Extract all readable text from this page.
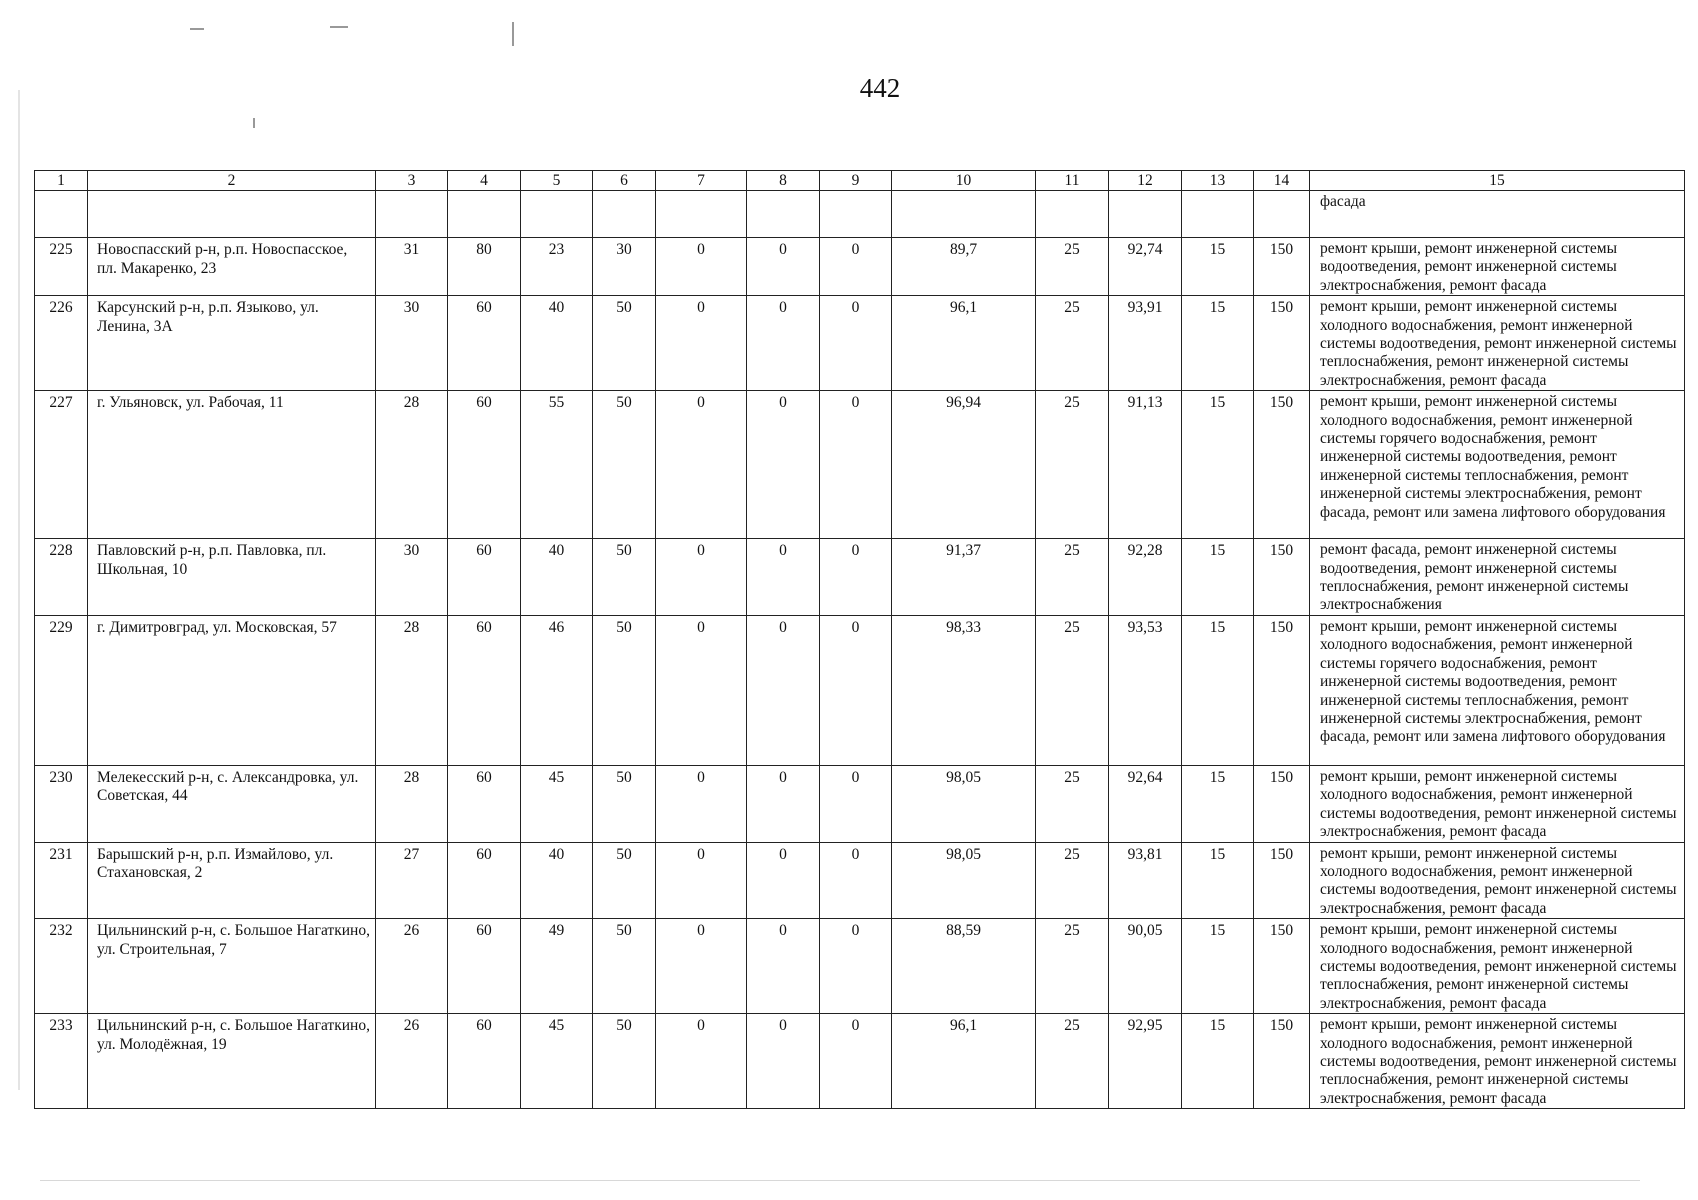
442
1	2	3	4	5	6	7	8	9	10	11	12	13	14	15
														фасада
225	Новоспасский р-н, р.п. Новоспасское, пл. Макаренко, 23	31	80	23	30	0	0	0	89,7	25	92,74	15	150	ремонт крыши, ремонт инженерной системы водоотведения, ремонт инженерной системы электроснабжения, ремонт фасада
226	Карсунский р-н, р.п. Языково, ул. Ленина, 3А	30	60	40	50	0	0	0	96,1	25	93,91	15	150	ремонт крыши, ремонт инженерной системы холодного водоснабжения, ремонт инженерной системы водоотведения, ремонт инженерной системы теплоснабжения, ремонт инженерной системы электроснабжения, ремонт фасада
227	г. Ульяновск, ул. Рабочая, 11	28	60	55	50	0	0	0	96,94	25	91,13	15	150	ремонт крыши, ремонт инженерной системы холодного водоснабжения, ремонт инженерной системы горячего водоснабжения, ремонт инженерной системы водоотведения, ремонт инженерной системы теплоснабжения, ремонт инженерной системы электроснабжения, ремонт фасада, ремонт или замена лифтового оборудования
228	Павловский р-н, р.п. Павловка, пл. Школьная, 10	30	60	40	50	0	0	0	91,37	25	92,28	15	150	ремонт фасада, ремонт инженерной системы водоотведения, ремонт инженерной системы теплоснабжения, ремонт инженерной системы электроснабжения
229	г. Димитровград, ул. Московская, 57	28	60	46	50	0	0	0	98,33	25	93,53	15	150	ремонт крыши, ремонт инженерной системы холодного водоснабжения, ремонт инженерной системы горячего водоснабжения, ремонт инженерной системы водоотведения, ремонт инженерной системы теплоснабжения, ремонт инженерной системы электроснабжения, ремонт фасада, ремонт или замена лифтового оборудования
230	Мелекесский р-н, с. Александровка, ул. Советская, 44	28	60	45	50	0	0	0	98,05	25	92,64	15	150	ремонт крыши, ремонт инженерной системы холодного водоснабжения, ремонт инженерной системы водоотведения, ремонт инженерной системы электроснабжения, ремонт фасада
231	Барышский р-н, р.п. Измайлово, ул. Стахановская, 2	27	60	40	50	0	0	0	98,05	25	93,81	15	150	ремонт крыши, ремонт инженерной системы холодного водоснабжения, ремонт инженерной системы водоотведения, ремонт инженерной системы электроснабжения, ремонт фасада
232	Цильнинский р-н, с. Большое Нагаткино, ул. Строительная, 7	26	60	49	50	0	0	0	88,59	25	90,05	15	150	ремонт крыши, ремонт инженерной системы холодного водоснабжения, ремонт инженерной системы водоотведения, ремонт инженерной системы теплоснабжения, ремонт инженерной системы электроснабжения, ремонт фасада
233	Цильнинский р-н, с. Большое Нагаткино, ул. Молодёжная, 19	26	60	45	50	0	0	0	96,1	25	92,95	15	150	ремонт крыши, ремонт инженерной системы холодного водоснабжения, ремонт инженерной системы водоотведения, ремонт инженерной системы теплоснабжения, ремонт инженерной системы электроснабжения, ремонт фасада
